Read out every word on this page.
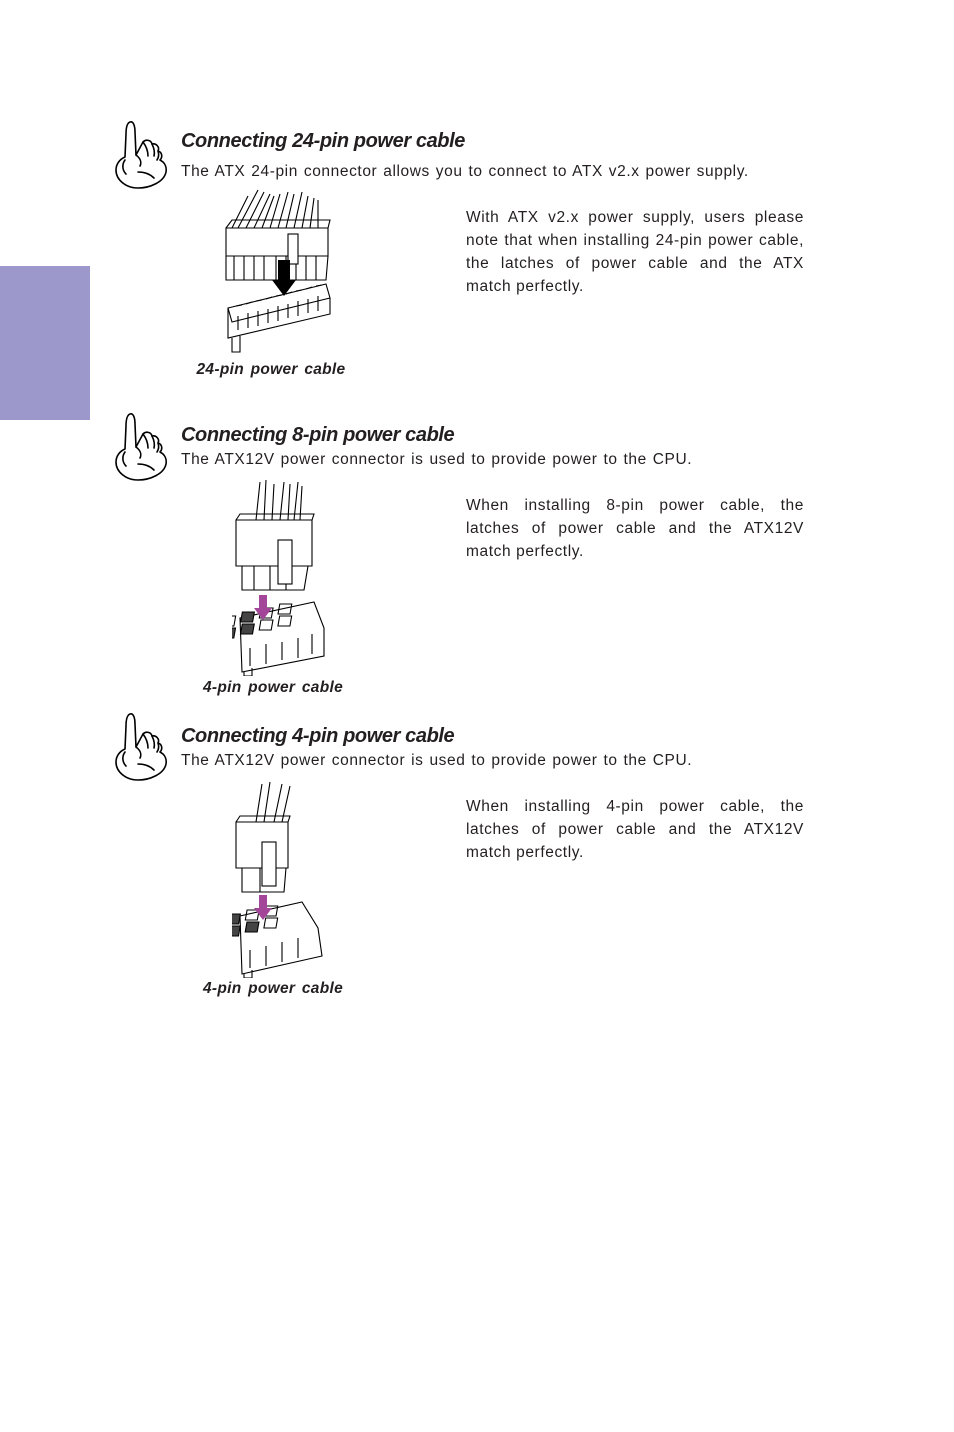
Connecting 24-pin power cable

The ATX 24-pin connector allows you to connect to ATX v2.x power supply.

With ATX v2.x power supply, users please note that when installing 24-pin power cable, the latches of power cable and the ATX match perfectly.

24-pin power cable

Connecting 8-pin power cable

The ATX12V power connector is used to provide power to the CPU.

When installing 8-pin power cable, the latches of power cable and the ATX12V match perfectly.

4-pin power cable

Connecting 4-pin power cable

The ATX12V power connector is used to provide power to the CPU.

When installing 4-pin power cable, the latches of power cable and the ATX12V match perfectly.

4-pin power cable
